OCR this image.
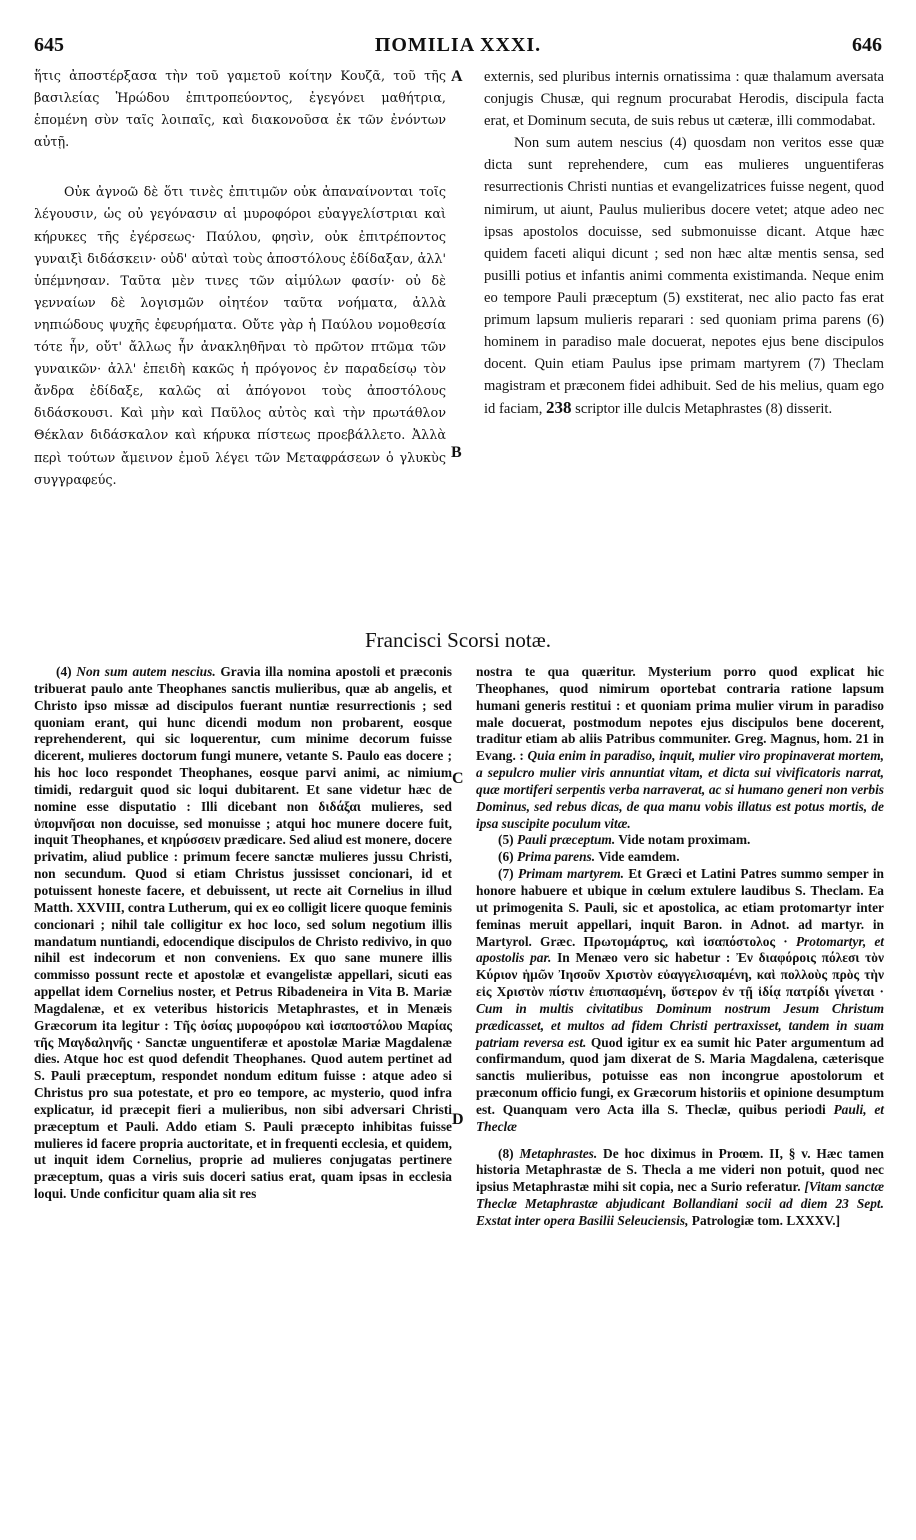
645	ΠΟΜΙLIA XXXI.	646

ἥτις ἀποστέρξασα τὴν τοῦ γαμετοῦ κοίτην Κουζᾶ, τοῦ τῆς βασιλείας Ἡρώδου ἐπιτροπεύοντος, ἐγεγόνει μαθήτρια, ἑπομένη σὺν ταῖς λοιπαῖς, καὶ διακονοῦσα ἐκ τῶν ἐνόντων αὐτῇ.

Οὐκ ἀγνοῶ δὲ ὅτι τινὲς ἐπιτιμῶν οὐκ ἀπαναίνονται τοῖς λέγουσιν, ὡς οὐ γεγόνασιν αἱ μυροφόροι εὐαγγελίστριαι καὶ κήρυκες τῆς ἐγέρσεως· Παύλου, φησὶν, οὐκ ἐπιτρέποντος γυναιξὶ διδάσκειν· οὐδ' αὐταὶ τοὺς ἀποστόλους ἐδίδαξαν, ἀλλ' ὑπέμνησαν. Ταῦτα μὲν τινες τῶν αἱμύλων φασίν· οὐ δὲ γενναίων δὲ λογισμῶν οἰητέον ταῦτα νοήματα, ἀλλὰ νηπιώδους ψυχῆς ἐφευρήματα. Οὔτε γὰρ ἡ Παύλου νομοθεσία τότε ἦν, οὔτ' ἄλλως ἦν ἀνακληθῆναι τὸ πρῶτον πτῶμα τῶν γυναικῶν· ἀλλ' ἐπειδὴ κακῶς ἡ πρόγονος ἐν παραδείσῳ τὸν ἄνδρα ἐδίδαξε, καλῶς αἱ ἀπόγονοι τοὺς ἀποστόλους διδάσκουσι. Καὶ μὴν καὶ Παῦλος αὐτὸς καὶ τὴν πρωτάθλον Θέκλαν διδάσκαλον καὶ κήρυκα πίστεως προεβάλλετο. Ἀλλὰ περὶ τούτων ἄμεινον ἐμοῦ λέγει τῶν Μεταφράσεων ὁ γλυκὺς συγγραφεύς.

externis, sed pluribus internis ornatissima : quæ thalamum aversata conjugis Chusæ, qui regnum procurabat Herodis, discipula facta erat, et Dominum secuta, de suis rebus ut cæteræ, illi commodabat.

Non sum autem nescius (4) quosdam non veritos esse quæ dicta sunt reprehendere, cum eas mulieres unguentiferas resurrectionis Christi nuntias et evangelizatrices fuisse negent, quod nimirum, ut aiunt, Paulus mulieribus docere vetet; atque adeo nec ipsas apostolos docuisse, sed submonuisse dicant. Atque hæc quidem faceti aliqui dicunt ; sed non hæc altæ mentis sensa, sed pusilli potius et infantis animi commenta existimanda. Neque enim eo tempore Pauli præceptum (5) exstiterat, nec alio pacto fas erat primum lapsum mulieris reparari : sed quoniam prima parens (6) hominem in paradiso male docuerat, nepotes ejus bene discipulos docent. Quin etiam Paulus ipse primam martyrem (7) Theclam magistram et præconem fidei adhibuit. Sed de his melius, quam ego id faciam, 238 scriptor ille dulcis Metaphrastes (8) disserit.

A
B
C
D
Francisci Scorsi notæ.

(4) Non sum autem nescius. Gravia illa nomina apostoli et præconis tribuerat paulo ante Theophanes sanctis mulieribus, quæ ab angelis, et Christo ipso missæ ad discipulos fuerant nuntiæ resurrectionis ; sed quoniam erant, qui hunc dicendi modum non probarent, eosque reprehenderent, qui sic loquerentur, cum minime decorum fuisse dicerent, mulieres doctorum fungi munere, vetante S. Paulo eas docere ; his hoc loco respondet Theophanes, eosque parvi animi, ac nimium timidi, redarguit quod sic loqui dubitarent. Et sane videtur hæc de nomine esse disputatio : Illi dicebant non διδάξαι mulieres, sed ὑπομνῆσαι non docuisse, sed monuisse ; atqui hoc munere docere fuit, inquit Theophanes, et κηρύσσειν prædicare. Sed aliud est monere, docere privatim, aliud publice : primum fecere sanctæ mulieres jussu Christi, non secundum. Quod si etiam Christus jussisset concionari, id et potuissent honeste facere, et debuissent, ut recte ait Cornelius in illud Matth. XXVIII, contra Lutherum, qui ex eo colligit licere quoque feminis concionari ; nihil tale colligitur ex hoc loco, sed solum negotium illis mandatum nuntiandi, edocendique discipulos de Christo redivivo, in quo nihil est indecorum et non conveniens. Ex quo sane munere illis commisso possunt recte et apostolæ et evangelistæ appellari, sicuti eas appellat idem Cornelius noster, et Petrus Ribadeneira in Vita B. Mariæ Magdalenæ, et ex veteribus historicis Metaphrastes, et in Menæis Græcorum ita legitur : Τῆς ὁσίας μυροφόρου καὶ ἰσαποστόλου Μαρίας τῆς Μαγδαληνῆς · Sanctæ unguentiferæ et apostolæ Mariæ Magdalenæ dies. Atque hoc est quod defendit Theophanes. Quod autem pertinet ad S. Pauli præceptum, respondet nondum editum fuisse : atque adeo si Christus pro sua potestate, et pro eo tempore, ac mysterio, quod infra explicatur, id præcepit fieri a mulieribus, non sibi adversari Christi præceptum et Pauli. Addo etiam S. Pauli præcepto inhibitas fuisse mulieres id facere propria auctoritate, et in frequenti ecclesia, et quidem, ut inquit idem Cornelius, proprie ad mulieres conjugatas pertinere præceptum, quas a viris suis doceri satius erat, quam ipsas in ecclesia loqui. Unde conficitur quam alia sit res

nostra te qua quæritur. Mysterium porro quod explicat hic Theophanes, quod nimirum oportebat contraria ratione lapsum humani generis restitui : et quoniam prima mulier virum in paradiso male docuerat, postmodum nepotes ejus discipulos bene docerent, traditur etiam ab aliis Patribus communiter. Greg. Magnus, hom. 21 in Evang. : Quia enim in paradiso, inquit, mulier viro propinaverat mortem, a sepulcro mulier viris annuntiat vitam, et dicta sui vivificatoris narrat, quæ mortiferi serpentis verba narraverat, ac si humano generi non verbis Dominus, sed rebus dicas, de qua manu vobis illatus est potus mortis, de ipsa suscipite poculum vitæ.

(5) Pauli præceptum. Vide notam proximam.

(6) Prima parens. Vide eamdem.

(7) Primam martyrem. Et Græci et Latini Patres summo semper in honore habuere et ubique in cœlum extulere laudibus S. Theclam. Ea ut primogenita S. Pauli, sic et apostolica, ac etiam protomartyr inter feminas meruit appellari, inquit Baron. in Adnot. ad martyr. in Martyrol. Græc. Πρωτομάρτυς, καὶ ἰσαπόστολος · Protomartyr, et apostolis par. In Menæo vero sic habetur : Ἐν διαφόροις πόλεσι τὸν Κύριον ἡμῶν Ἰησοῦν Χριστὸν εὐαγγελισαμένη, καὶ πολλοὺς πρὸς τὴν εἰς Χριστὸν πίστιν ἐπισπασμένη, ὕστερον ἐν τῇ ἰδίᾳ πατρίδι γίνεται · Cum in multis civitatibus Dominum nostrum Jesum Christum prædicasset, et multos ad fidem Christi pertraxisset, tandem in suam patriam reversa est. Quod igitur ex ea sumit hic Pater argumentum ad confirmandum, quod jam dixerat de S. Maria Magdalena, cæterisque sanctis mulieribus, potuisse eas non incongrue apostolorum et præconum officio fungi, ex Græcorum historiis et opinione desumptum est. Quanquam vero Acta illa S. Theclæ, quibus periodi Pauli, et Theclæ

(8) Metaphrastes. De hoc diximus in Proœm. II, § v. Hæc tamen historia Metaphrastæ de S. Thecla a me videri non potuit, quod nec ipsius Metaphrastæ mihi sit copia, nec a Surio referatur. [Vitam sanctæ Theclæ Metaphrastæ abjudicant Bollandiani socii ad diem 23 Sept. Exstat inter opera Basilii Seleuciensis, Patrologiæ tom. LXXXV.]
